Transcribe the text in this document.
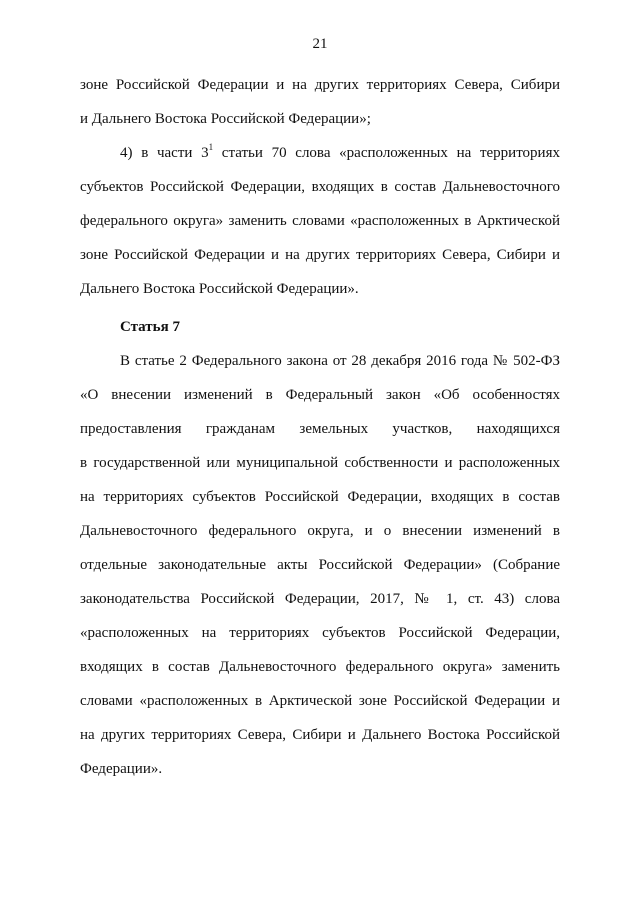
21
зоне Российской Федерации и на других территориях Севера, Сибири
и Дальнего Востока Российской Федерации»;
4) в части $3^1$ статьи 70 слова «расположенных на территориях
субъектов Российской Федерации, входящих в состав Дальневосточного
федерального округа» заменить словами «расположенных в Арктической
зоне Российской Федерации и на других территориях Севера, Сибири и
Дальнего Востока Российской Федерации».
Статья 7
В статье 2 Федерального закона от 28 декабря 2016 года № 502-ФЗ
«О внесении изменений в Федеральный закон «Об особенностях
предоставления гражданам земельных участков, находящихся
в государственной или муниципальной собственности и расположенных
на территориях субъектов Российской Федерации, входящих в состав
Дальневосточного федерального округа, и о внесении изменений в
отдельные законодательные акты Российской Федерации» (Собрание
законодательства Российской Федерации, 2017, № 1, ст. 43) слова
«расположенных на территориях субъектов Российской Федерации,
входящих в состав Дальневосточного федерального округа» заменить
словами «расположенных в Арктической зоне Российской Федерации и
на других территориях Севера, Сибири и Дальнего Востока Российской
Федерации».
